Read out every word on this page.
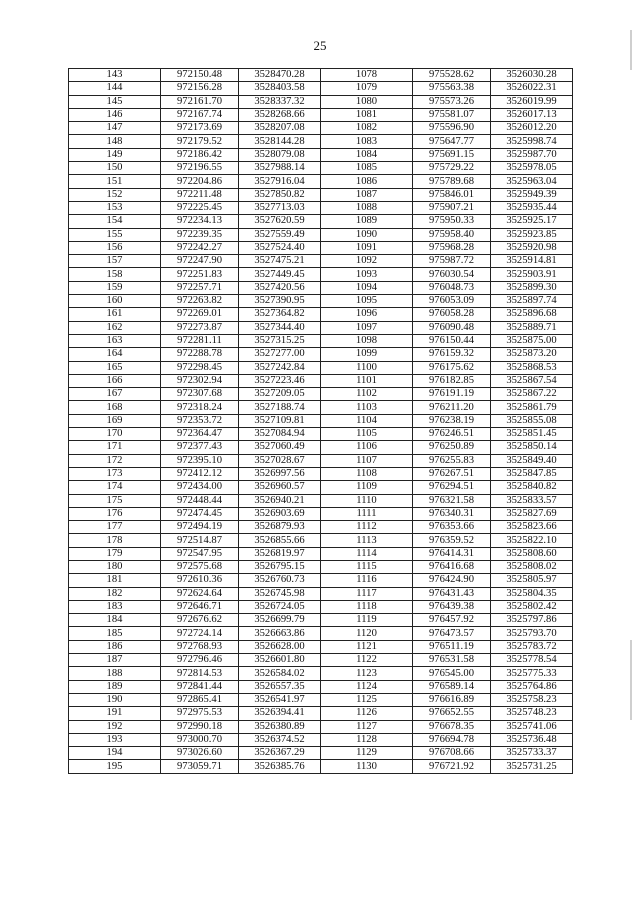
25
143	972150.48	3528470.28	1078	975528.62	3526030.28
144	972156.28	3528403.58	1079	975563.38	3526022.31
145	972161.70	3528337.32	1080	975573.26	3526019.99
146	972167.74	3528268.66	1081	975581.07	3526017.13
147	972173.69	3528207.08	1082	975596.90	3526012.20
148	972179.52	3528144.28	1083	975647.77	3525998.74
149	972186.42	3528079.08	1084	975691.15	3525987.70
150	972196.55	3527988.14	1085	975729.22	3525978.05
151	972204.86	3527916.04	1086	975789.68	3525963.04
152	972211.48	3527850.82	1087	975846.01	3525949.39
153	972225.45	3527713.03	1088	975907.21	3525935.44
154	972234.13	3527620.59	1089	975950.33	3525925.17
155	972239.35	3527559.49	1090	975958.40	3525923.85
156	972242.27	3527524.40	1091	975968.28	3525920.98
157	972247.90	3527475.21	1092	975987.72	3525914.81
158	972251.83	3527449.45	1093	976030.54	3525903.91
159	972257.71	3527420.56	1094	976048.73	3525899.30
160	972263.82	3527390.95	1095	976053.09	3525897.74
161	972269.01	3527364.82	1096	976058.28	3525896.68
162	972273.87	3527344.40	1097	976090.48	3525889.71
163	972281.11	3527315.25	1098	976150.44	3525875.00
164	972288.78	3527277.00	1099	976159.32	3525873.20
165	972298.45	3527242.84	1100	976175.62	3525868.53
166	972302.94	3527223.46	1101	976182.85	3525867.54
167	972307.68	3527209.05	1102	976191.19	3525867.22
168	972318.24	3527188.74	1103	976211.20	3525861.79
169	972353.72	3527109.81	1104	976238.19	3525855.08
170	972364.47	3527084.94	1105	976246.51	3525851.45
171	972377.43	3527060.49	1106	976250.89	3525850.14
172	972395.10	3527028.67	1107	976255.83	3525849.40
173	972412.12	3526997.56	1108	976267.51	3525847.85
174	972434.00	3526960.57	1109	976294.51	3525840.82
175	972448.44	3526940.21	1110	976321.58	3525833.57
176	972474.45	3526903.69	1111	976340.31	3525827.69
177	972494.19	3526879.93	1112	976353.66	3525823.66
178	972514.87	3526855.66	1113	976359.52	3525822.10
179	972547.95	3526819.97	1114	976414.31	3525808.60
180	972575.68	3526795.15	1115	976416.68	3525808.02
181	972610.36	3526760.73	1116	976424.90	3525805.97
182	972624.64	3526745.98	1117	976431.43	3525804.35
183	972646.71	3526724.05	1118	976439.38	3525802.42
184	972676.62	3526699.79	1119	976457.92	3525797.86
185	972724.14	3526663.86	1120	976473.57	3525793.70
186	972768.93	3526628.00	1121	976511.19	3525783.72
187	972796.46	3526601.80	1122	976531.58	3525778.54
188	972814.53	3526584.02	1123	976545.00	3525775.33
189	972841.44	3526557.35	1124	976589.14	3525764.86
190	972865.41	3526541.97	1125	976616.89	3525758.23
191	972975.53	3526394.41	1126	976652.55	3525748.23
192	972990.18	3526380.89	1127	976678.35	3525741.06
193	973000.70	3526374.52	1128	976694.78	3525736.48
194	973026.60	3526367.29	1129	976708.66	3525733.37
195	973059.71	3526385.76	1130	976721.92	3525731.25
